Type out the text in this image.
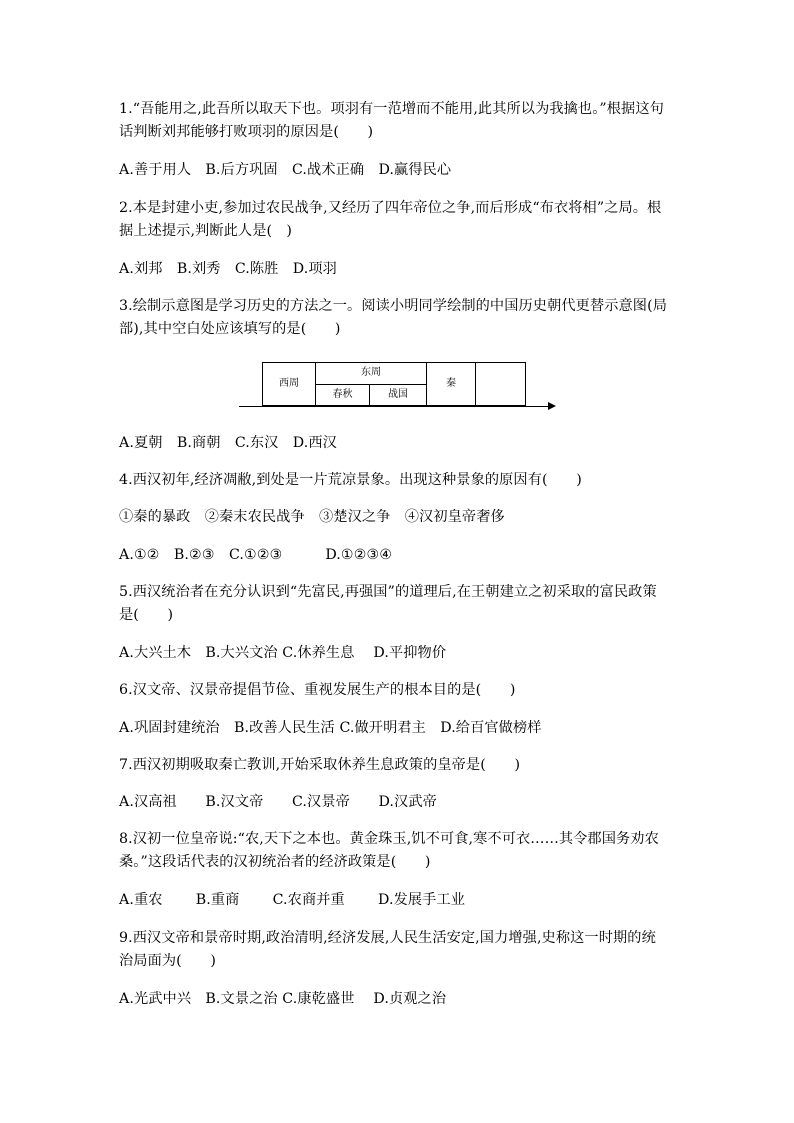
1.“吾能用之,此吾所以取天下也。项羽有一范增而不能用,此其所以为我擒也。”根据这句
话判断刘邦能够打败项羽的原因是(　　)
A.善于用人　B.后方巩固　C.战术正确　D.赢得民心
2.本是封建小吏,参加过农民战争,又经历了四年帝位之争,而后形成“布衣将相”之局。根
据上述提示,判断此人是(　)
A.刘邦　B.刘秀　C.陈胜　D.项羽
3.绘制示意图是学习历史的方法之一。阅读小明同学绘制的中国历史朝代更替示意图(局
部),其中空白处应该填写的是(　　)
西周
东周
春秋	战国
秦
A.夏朝　B.商朝　C.东汉　D.西汉
4.西汉初年,经济凋敝,到处是一片荒凉景象。出现这种景象的原因有(　　)
①秦的暴政　②秦末农民战争　③楚汉之争　④汉初皇帝奢侈
A.①②　B.②③　C.①②③　　　D.①②③④
5.西汉统治者在充分认识到“先富民,再强国”的道理后,在王朝建立之初采取的富民政策
是(　　)
A.大兴土木　B.大兴文治 C.休养生息　 D.平抑物价
6.汉文帝、汉景帝提倡节俭、重视发展生产的根本目的是(　　)
A.巩固封建统治　B.改善人民生活 C.做开明君主　D.给百官做榜样
7.西汉初期吸取秦亡教训,开始采取休养生息政策的皇帝是(　　)
A.汉高祖　　B.汉文帝　　C.汉景帝　　D.汉武帝
8.汉初一位皇帝说:“农,天下之本也。黄金珠玉,饥不可食,寒不可衣……其令郡国务劝农
桑。”这段话代表的汉初统治者的经济政策是(　　)
A.重农　　 B.重商　　 C.农商并重　　 D.发展手工业
9.西汉文帝和景帝时期,政治清明,经济发展,人民生活安定,国力增强,史称这一时期的统
治局面为(　　)
A.光武中兴　B.文景之治 C.康乾盛世　 D.贞观之治
